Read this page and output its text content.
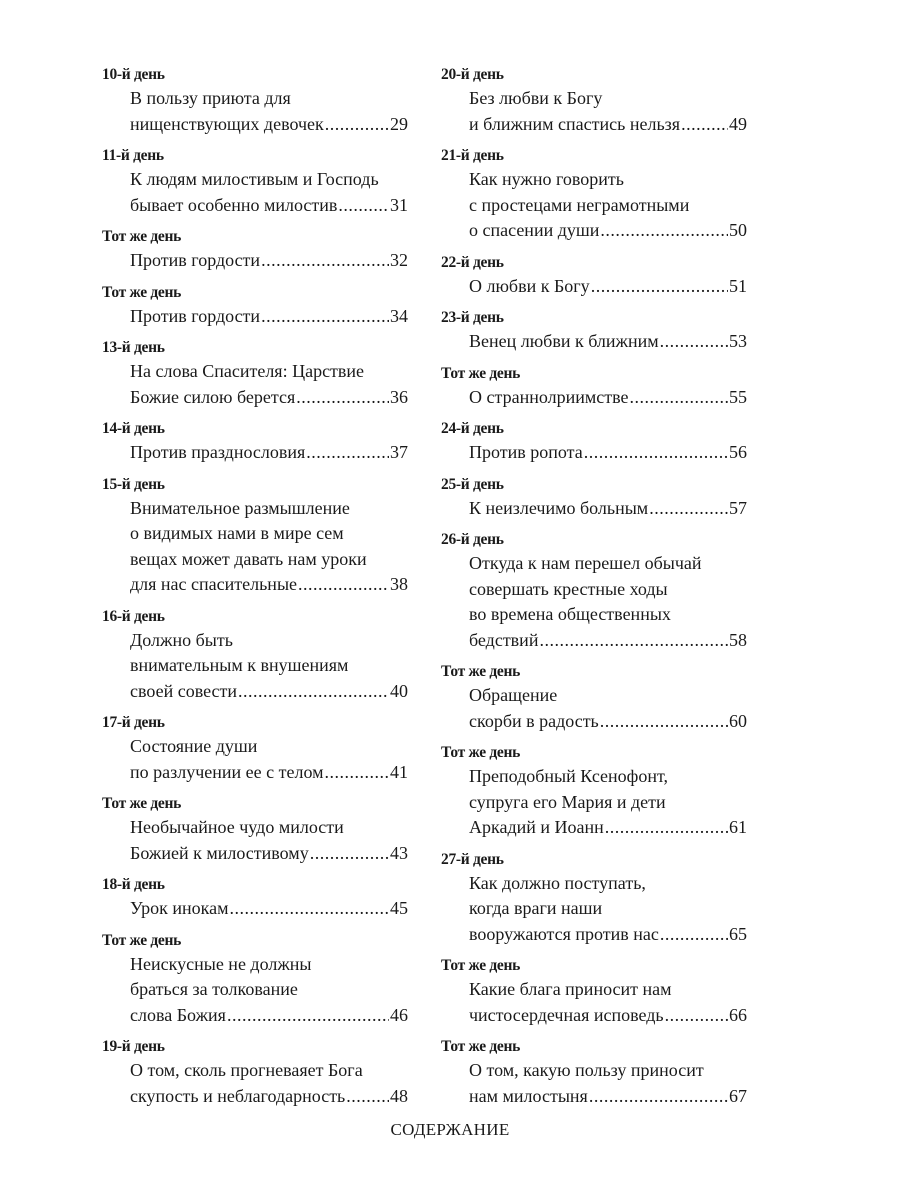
10-й день
В пользу приюта для
нищенствующих девочек .....	29
11-й день
К людям милостивым и Господь
бывает особенно милостив .....	31
Тот же день
Против гордости .....	32
Тот же день
Против гордости .....	34
13-й день
На слова Спасителя: Царствие
Божие силою берется .....	36
14-й день
Против празднословия .....	37
15-й день
Внимательное размышление
о видимых нами в мире сем
вещах может давать нам уроки
для нас спасительные .....	38
16-й день
Должно быть
внимательным к внушениям
своей совести .....	40
17-й день
Состояние души
по разлучении ее с телом .....	41
Тот же день
Необычайное чудо милости
Божией к милостивому .....	43
18-й день
Урок инокам .....	45
Тот же день
Неискусные не должны
браться за толкование
слова Божия .....	46
19-й день
О том, сколь прогневаяет Бога
скупость и неблагодарность ..... 48
20-й день
Без любви к Богу
и ближним спастись нельзя .....	49
21-й день
Как нужно говорить
с простецами неграмотными
о спасении души .....	50
22-й день
О любви к Богу .....	51
23-й день
Венец любви к ближним .....	53
Тот же день
О страннолриимстве .....	55
24-й день
Против ропота .....	56
25-й день
К неизлечимо больным .....	57
26-й день
Откуда к нам перешел обычай
совершать крестные ходы
во времена общественных
бедствий .....	58
Тот же день
Обращение
скорби в радость .....	60
Тот же день
Преподобный Ксенофонт,
супруга его Мария и дети
Аркадий и Иоанн .....	61
27-й день
Как должно поступать,
когда враги наши
вооружаются против нас .....	65
Тот же день
Какие блага приносит нам
чистосердечная исповедь .....	66
Тот же день
О том, какую пользу приносит
нам милостыня .....	67
СОДЕРЖАНИЕ
